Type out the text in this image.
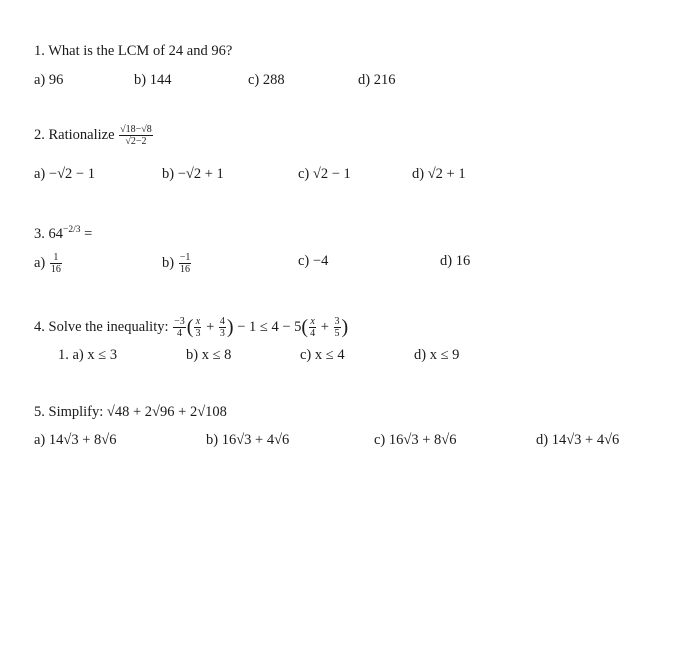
1. What is the LCM of 24 and 96?
a) 96	b) 144	c) 288	d) 216
2. Rationalize $\frac{√18-√8}{√2-2}$
a) −√2 − 1	b) −√2 + 1	c) √2 − 1	d) √2 + 1
3. $64^{-2/3}$ =
$a) \frac{1}{16}$	$b) \frac{-1}{16}$	c) −4	d) 16
4. Solve the inequality: $\frac{-3}{4}$ ( $\frac{x}{3} + \frac{4}{3}$ ) − $1 \le 4 - 5( \frac{x}{4} + \frac{3}{5}$ )
1. a) x ≤ 3	b) x ≤ 8	c) x ≤ 4	d) x ≤ 9
5. Simplify: √48 + 2√96 + 2√108
a) 14√3 + 8√6	b) 16√3 + 4√6	c) 16√3 + 8√6	d) 14√3 + 4√6
